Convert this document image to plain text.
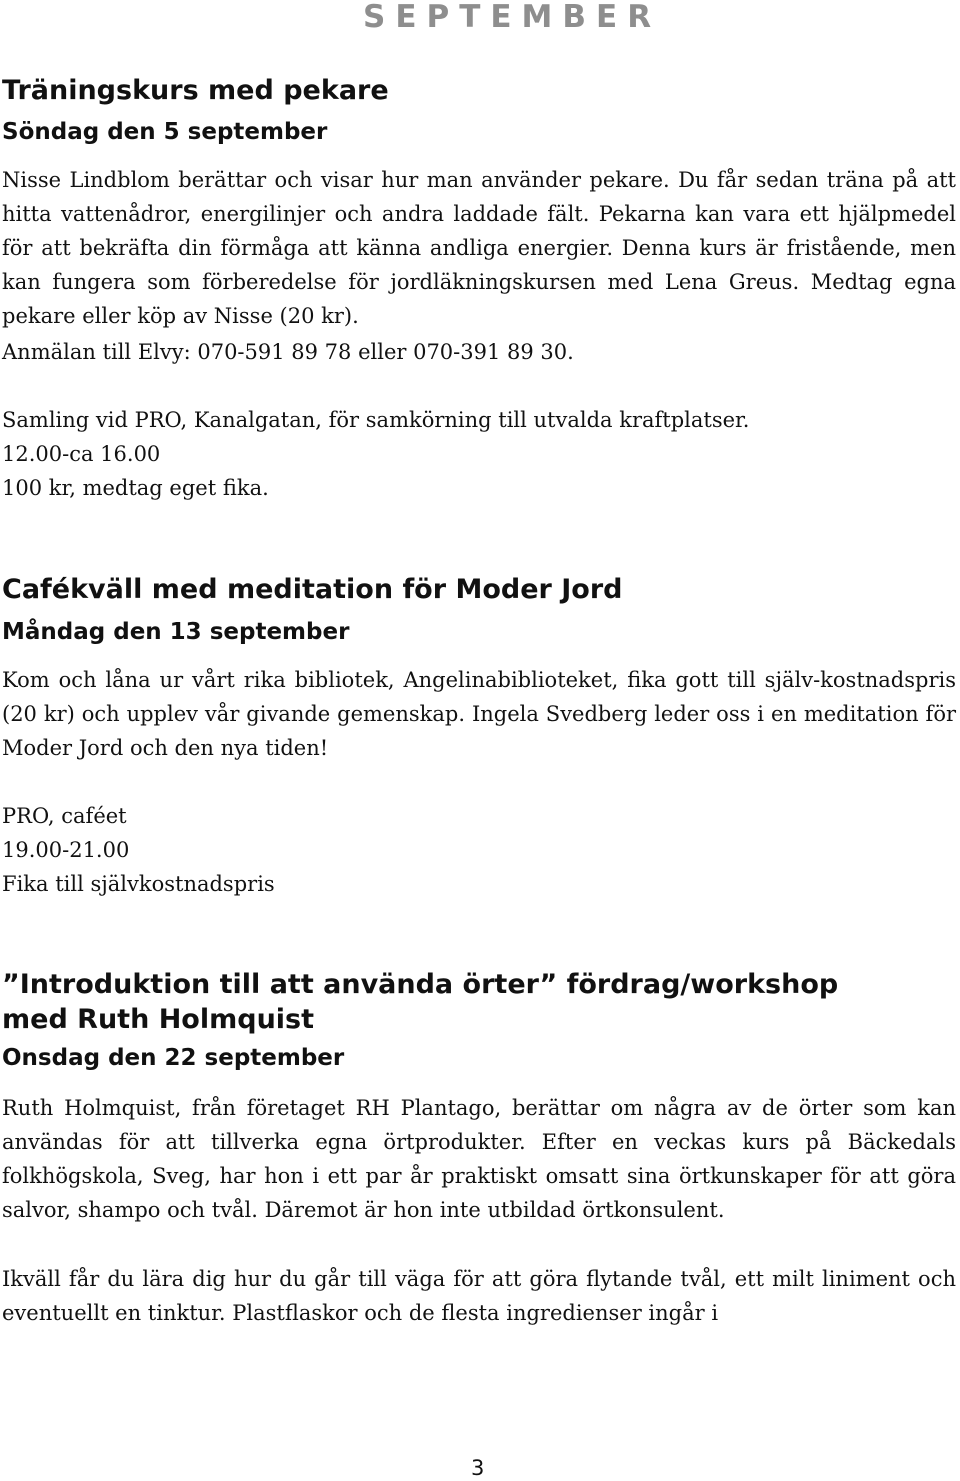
SEPTEMBER
Träningskurs med pekare
Söndag den 5 september

Nisse Lindblom berättar och visar hur man använder pekare. Du får sedan träna på att hitta vattenådror, energilinjer och andra laddade fält. Pekarna kan vara ett hjälpmedel för att bekräfta din förmåga att känna andliga energier. Denna kurs är fristående, men kan fungera som förberedelse för jordläkningskursen med Lena Greus. Medtag egna pekare eller köp av Nisse (20 kr).

Anmälan till Elvy: 070-591 89 78 eller 070-391 89 30.

Samling vid PRO, Kanalgatan, för samkörning till utvalda kraftplatser.

12.00-ca 16.00

100 kr, medtag eget fika.

Cafékväll med meditation för Moder Jord
Måndag den 13 september

Kom och låna ur vårt rika bibliotek, Angelinabiblioteket, fika gott till själv-kostnadspris (20 kr) och upplev vår givande gemenskap. Ingela Svedberg leder oss i en meditation för Moder Jord och den nya tiden!

PRO, caféet

19.00-21.00

Fika till självkostnadspris

”Introduktion till att använda örter” fördrag/workshop
med Ruth Holmquist
Onsdag den 22 september

Ruth Holmquist, från företaget RH Plantago, berättar om några av de örter som kan användas för att tillverka egna örtprodukter. Efter en veckas kurs på Bäckedals folkhögskola, Sveg, har hon i ett par år praktiskt omsatt sina örtkunskaper för att göra salvor, shampo och tvål. Däremot är hon inte utbildad örtkonsulent.

Ikväll får du lära dig hur du går till väga för att göra flytande tvål, ett milt liniment och eventuellt en tinktur. Plastflaskor och de flesta ingredienser ingår i

3
